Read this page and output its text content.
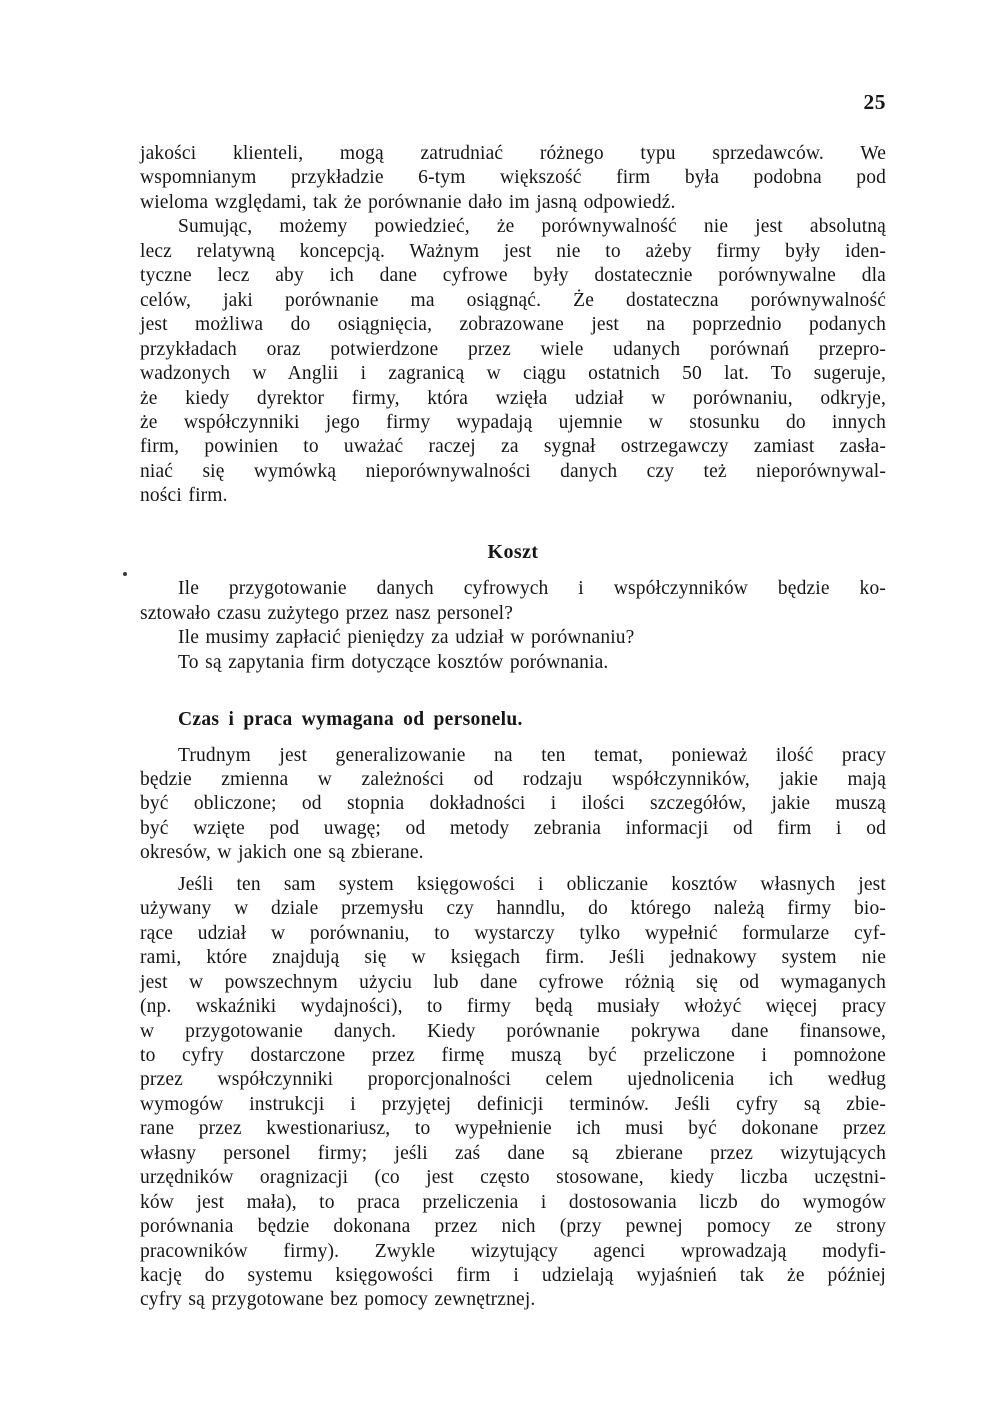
25
jakości klienteli, mogą zatrudniać różnego typu sprzedawców. We
wspomnianym przykładzie 6-tym większość firm była podobna pod
wieloma względami, tak że porównanie dało im jasną odpowiedź.
Sumując, możemy powiedzieć, że porównywalność nie jest absolutną
lecz relatywną koncepcją. Ważnym jest nie to ażeby firmy były iden-
tyczne lecz aby ich dane cyfrowe były dostatecznie porównywalne dla
celów, jaki porównanie ma osiągnąć. Że dostateczna porównywalność
jest możliwa do osiągnięcia, zobrazowane jest na poprzednio podanych
przykładach oraz potwierdzone przez wiele udanych porównań przepro-
wadzonych w Anglii i zagranicą w ciągu ostatnich 50 lat. To sugeruje,
że kiedy dyrektor firmy, która wzięła udział w porównaniu, odkryje,
że współczynniki jego firmy wypadają ujemnie w stosunku do innych
firm, powinien to uważać raczej za sygnał ostrzegawczy zamiast zasła-
niać się wymówką nieporównywalności danych czy też nieporównywal-
ności firm.
Koszt
Ile przygotowanie danych cyfrowych i współczynników będzie ko-
sztowało czasu zużytego przez nasz personel?
Ile musimy zapłacić pieniędzy za udział w porównaniu?
To są zapytania firm dotyczące kosztów porównania.
Czas i praca wymagana od personelu.
Trudnym jest generalizowanie na ten temat, ponieważ ilość pracy
będzie zmienna w zależności od rodzaju współczynników, jakie mają
być obliczone; od stopnia dokładności i ilości szczegółów, jakie muszą
być wzięte pod uwagę; od metody zebrania informacji od firm i od
okresów, w jakich one są zbierane.
Jeśli ten sam system księgowości i obliczanie kosztów własnych jest
używany w dziale przemysłu czy hanndlu, do którego należą firmy bio-
rące udział w porównaniu, to wystarczy tylko wypełnić formularze cyf-
rami, które znajdują się w księgach firm. Jeśli jednakowy system nie
jest w powszechnym użyciu lub dane cyfrowe różnią się od wymaganych
(np. wskaźniki wydajności), to firmy będą musiały włożyć więcej pracy
w przygotowanie danych. Kiedy porównanie pokrywa dane finansowe,
to cyfry dostarczone przez firmę muszą być przeliczone i pomnożone
przez współczynniki proporcjonalności celem ujednolicenia ich według
wymogów instrukcji i przyjętej definicji terminów. Jeśli cyfry są zbie-
rane przez kwestionariusz, to wypełnienie ich musi być dokonane przez
własny personel firmy; jeśli zaś dane są zbierane przez wizytujących
urzędników oragnizacji (co jest często stosowane, kiedy liczba uczęstni-
ków jest mała), to praca przeliczenia i dostosowania liczb do wymogów
porównania będzie dokonana przez nich (przy pewnej pomocy ze strony
pracowników firmy). Zwykle wizytujący agenci wprowadzają modyfi-
kację do systemu księgowości firm i udzielają wyjaśnień tak że później
cyfry są przygotowane bez pomocy zewnętrznej.
